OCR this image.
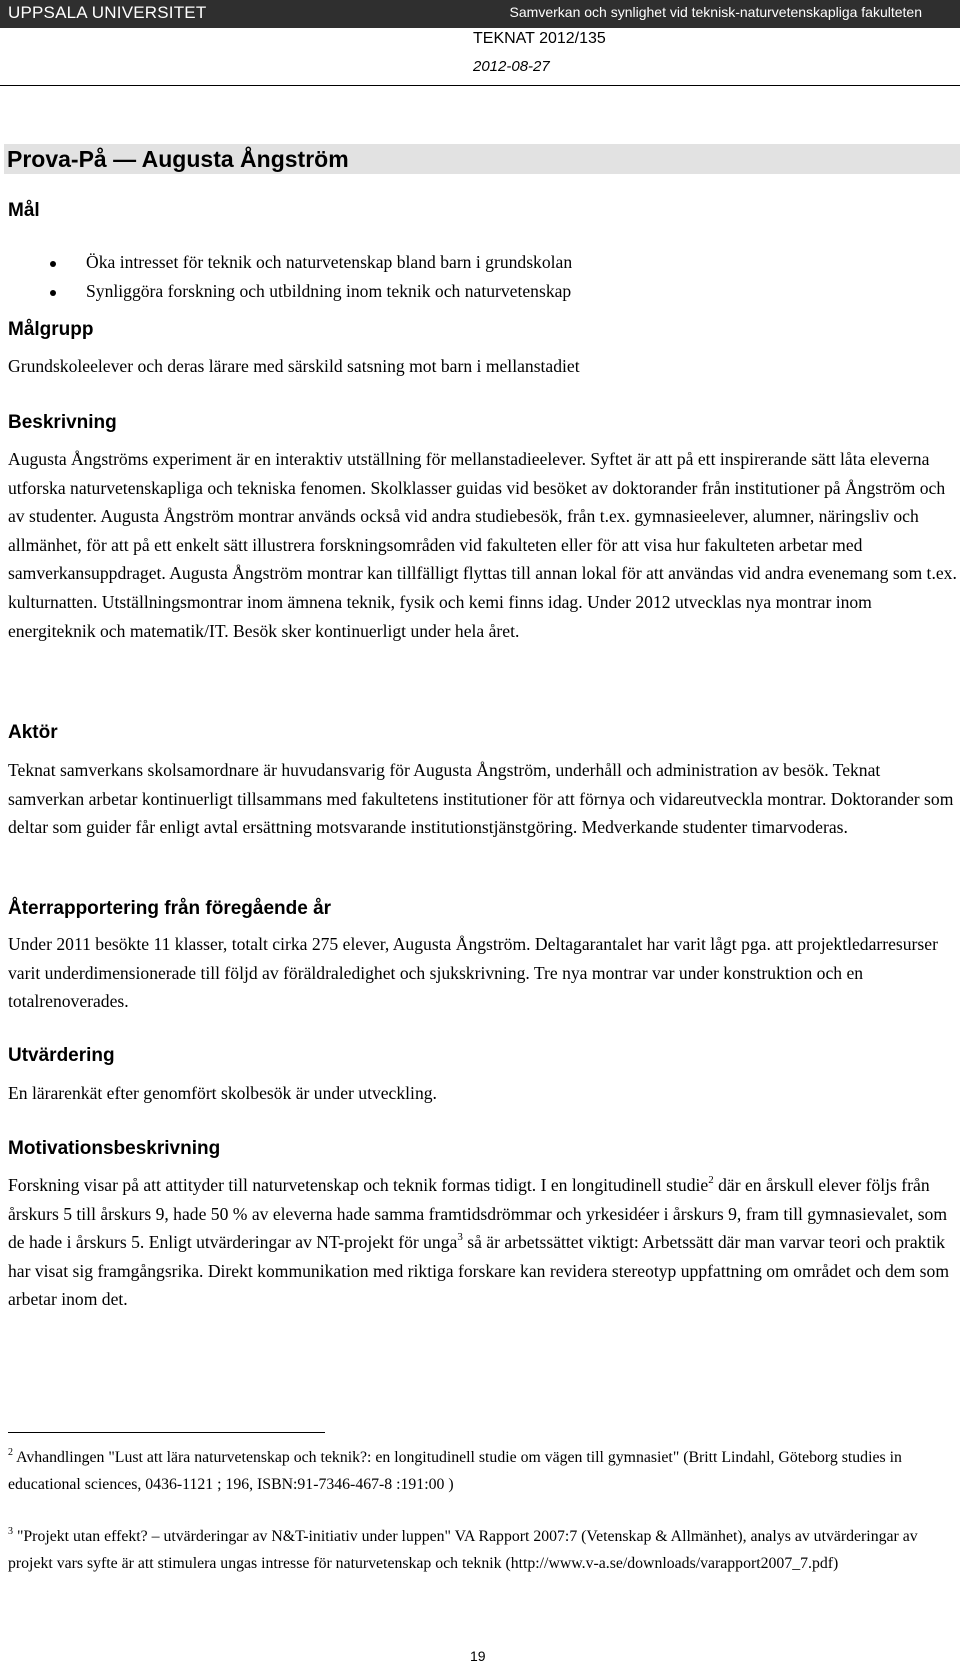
UPPSALA UNIVERSITET	Samverkan och synlighet vid teknisk-naturvetenskapliga fakulteten
TEKNAT 2012/135
2012-08-27
Prova-På — Augusta Ångström
Mål
Öka intresset för teknik och naturvetenskap bland barn i grundskolan
Synliggöra forskning och utbildning inom teknik och naturvetenskap
Målgrupp
Grundskoleelever och deras lärare med särskild satsning mot barn i mellanstadiet
Beskrivning
Augusta Ångströms experiment är en interaktiv utställning för mellanstadieelever. Syftet är att på ett inspirerande sätt låta eleverna utforska naturvetenskapliga och tekniska fenomen. Skolklasser guidas vid besöket av doktorander från institutioner på Ångström och av studenter. Augusta Ångström montrar används också vid andra studiebesök, från t.ex. gymnasieelever, alumner, näringsliv och allmänhet, för att på ett enkelt sätt illustrera forskningsområden vid fakulteten eller för att visa hur fakulteten arbetar med samverkansuppdraget. Augusta Ångström montrar kan tillfälligt flyttas till annan lokal för att användas vid andra evenemang som t.ex. kulturnatten. Utställningsmontrar inom ämnena teknik, fysik och kemi finns idag. Under 2012 utvecklas nya montrar inom energiteknik och matematik/IT. Besök sker kontinuerligt under hela året.
Aktör
Teknat samverkans skolsamordnare är huvudansvarig för Augusta Ångström, underhåll och administration av besök. Teknat samverkan arbetar kontinuerligt tillsammans med fakultetens institutioner för att förnya och vidareutveckla montrar. Doktorander som deltar som guider får enligt avtal ersättning motsvarande institutionstjänstgöring. Medverkande studenter timarvoderas.
Återrapportering från föregående år
Under 2011 besökte 11 klasser, totalt cirka 275 elever, Augusta Ångström. Deltagarantalet har varit lågt pga. att projektledarresurser varit underdimensionerade till följd av föräldraledighet och sjukskrivning. Tre nya montrar var under konstruktion och en totalrenoverades.
Utvärdering
En lärarenkät efter genomfört skolbesök är under utveckling.
Motivationsbeskrivning
Forskning visar på att attityder till naturvetenskap och teknik formas tidigt. I en longitudinell studie$^2$ där en årskull elever följs från årskurs 5 till årskurs 9, hade 50 % av eleverna hade samma framtidsdrömmar och yrkesidéer i årskurs 9, fram till gymnasievalet, som de hade i årskurs 5. Enligt utvärderingar av NT-projekt för unga$^3$ så är arbetssättet viktigt: Arbetssätt där man varvar teori och praktik har visat sig framgångsrika. Direkt kommunikation med riktiga forskare kan revidera stereotyp uppfattning om området och dem som arbetar inom det.
$^2$ Avhandlingen "Lust att lära naturvetenskap och teknik?: en longitudinell studie om vägen till gymnasiet" (Britt Lindahl, Göteborg studies in educational sciences, 0436-1121 ; 196, ISBN:91-7346-467-8 :191:00 )
$^3$ "Projekt utan effekt? – utvärderingar av N&T-initiativ under luppen" VA Rapport 2007:7 (Vetenskap & Allmänhet), analys av utvärderingar av projekt vars syfte är att stimulera ungas intresse för naturvetenskap och teknik (http://www.v-a.se/downloads/varapport2007_7.pdf)
19
